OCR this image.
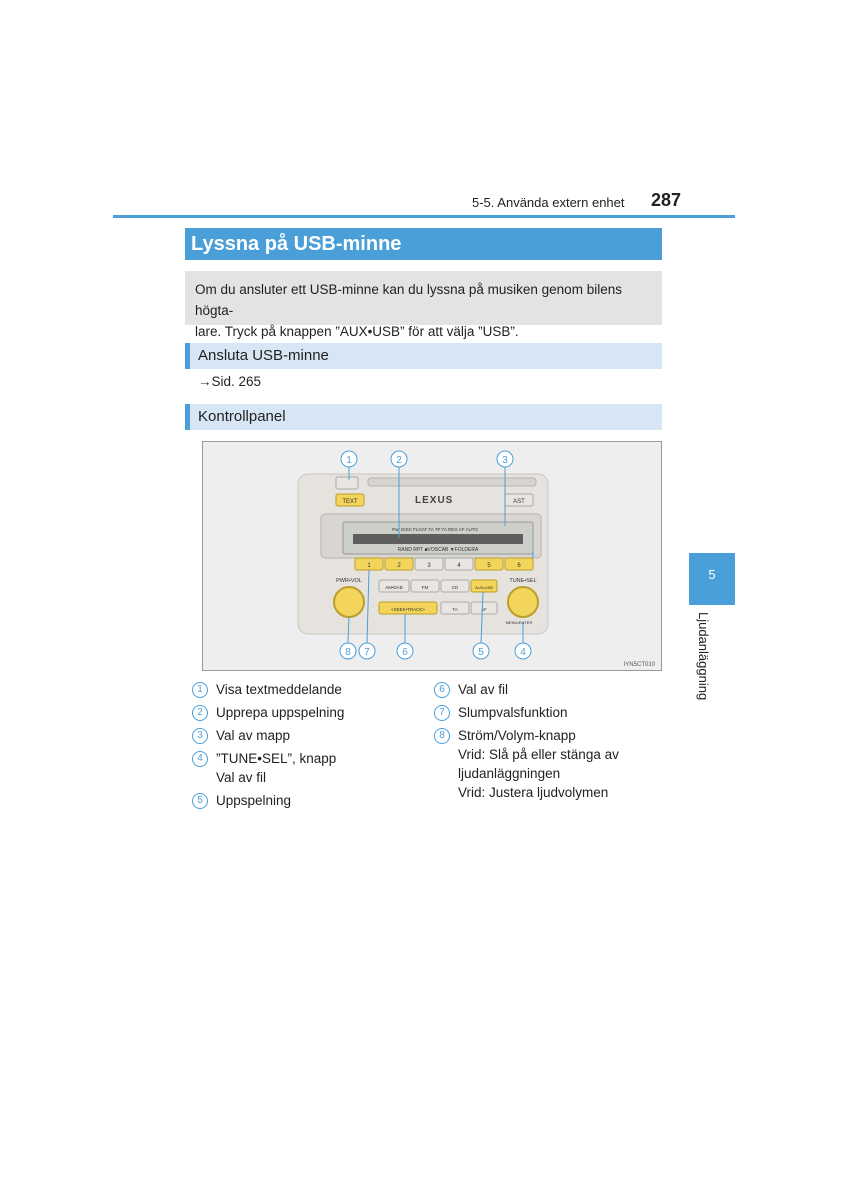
5-5. Använda extern enhet 287
Lyssna på USB-minne
Om du ansluter ett USB-minne kan du lyssna på musiken genom bilens högta-
lare. Tryck på knappen ”AUX•USB” för att välja ”USB”.
Ansluta USB-minne
→Sid. 265
Kontrollpanel
TEXT	LEXUS	AST
Pwr DISC FLOAT TA TP TA REG AF AUTO
RAND RPT ■VOSCAB ▼FOLDERA
1	2	3	4	5	6
PWR•VOL	TUNE•SEL
MENU•ENTER
AM•DAB	FM	CD	AUX•USB
<SEEK•TRACK>	TA	AF
1	2	3
4
5
6
7
8
IYN5CT010
1 Visa textmeddelande
2 Upprepa uppspelning
3 Val av mapp
4 ”TUNE•SEL”, knapp
Val av fil
5 Uppspelning
6 Val av fil
7 Slumpvalsfunktion
8 Ström/Volym-knapp
Vrid: Slå på eller stänga av
ljudanläggningen
Vrid: Justera ljudvolymen
5
Ljudanläggning
